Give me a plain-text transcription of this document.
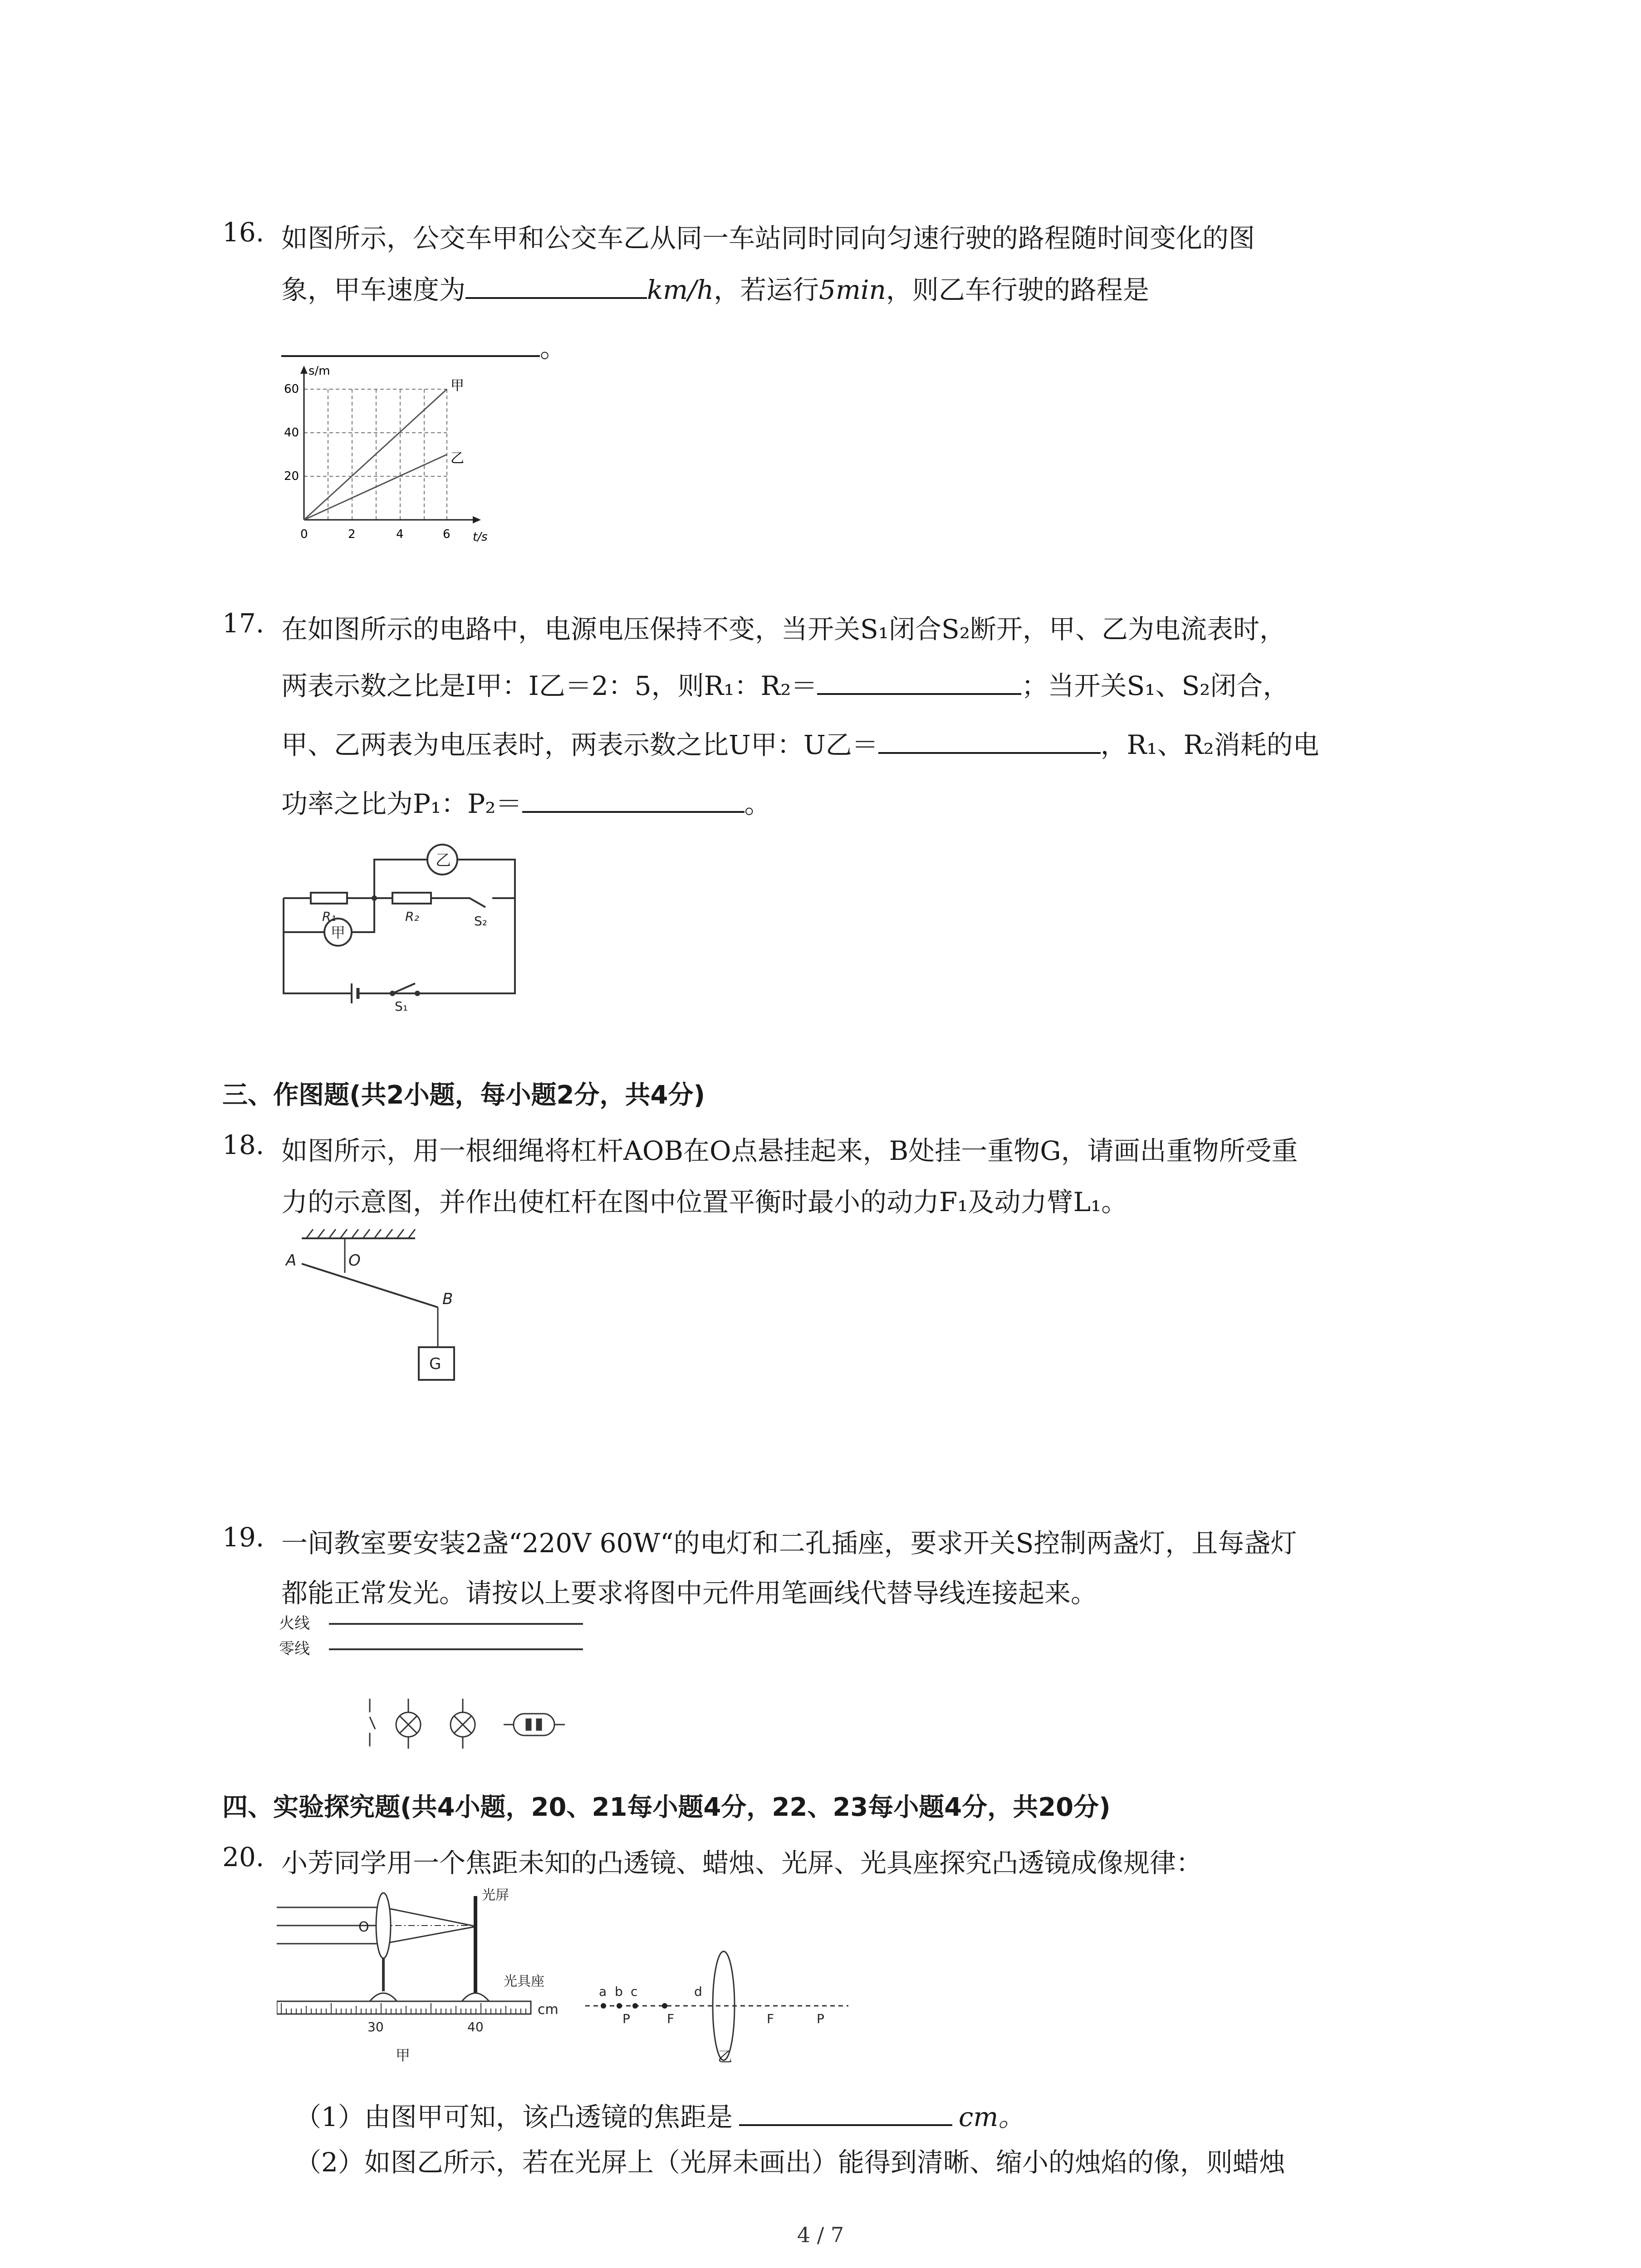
16. 如图所示，公交车甲和公交车乙从同一车站同时同向匀速行驶的路程随时间变化的图
象，甲车速度为	km/h，若运行5min，则乙车行驶的路程是
。
s/m
t/s
60
40
20
0	2	4	6
甲
乙
17. 在如图所示的电路中，电源电压保持不变，当开关S₁闭合S₂断开，甲、乙为电流表时，
两表示数之比是I甲：I乙＝2：5，则R₁：R₂＝	；当开关S₁、S₂闭合，
甲、乙两表为电压表时，两表示数之比U甲：U乙＝	，R₁、R₂消耗的电
功率之比为P₁：P₂＝	。
乙
甲
R₁	R₂	S₂
S₁
三、作图题(共2小题，每小题2分，共4分)
18. 如图所示，用一根细绳将杠杆AOB在O点悬挂起来，B处挂一重物G，请画出重物所受重
力的示意图，并作出使杠杆在图中位置平衡时最小的动力F₁及动力臂L₁。
A	O
B
G
19. 一间教室要安装2盏“220V 60W“的电灯和二孔插座，要求开关S控制两盏灯，且每盏灯
都能正常发光。请按以上要求将图中元件用笔画线代替导线连接起来。
火线
零线
四、实验探究题(共4小题，20、21每小题4分，22、23每小题4分，共20分)
20. 小芳同学用一个焦距未知的凸透镜、蜡烛、光屏、光具座探究凸透镜成像规律：
O
光屏
光具座
30	40
cm
甲
a b c	d
P	F	F	P
乙
（1）由图甲可知，该凸透镜的焦距是	cm。
（2）如图乙所示，若在光屏上（光屏未画出）能得到清晰、缩小的烛焰的像，则蜡烛
4 / 7
